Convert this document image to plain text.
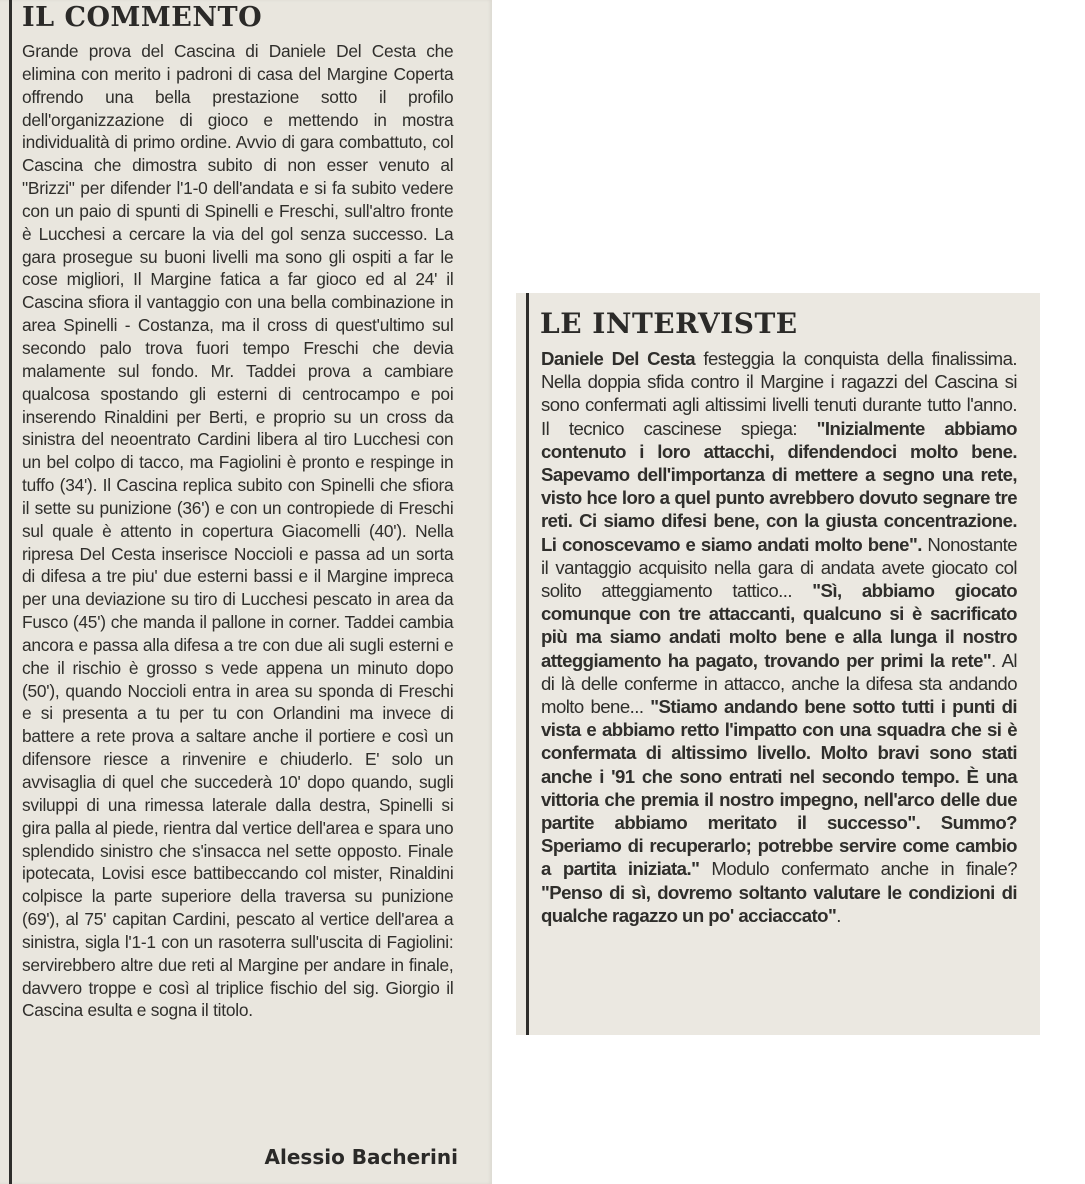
IL COMMENTO

Grande prova del Cascina di Daniele Del Cesta che elimina con merito i padroni di casa del Margine Coperta offrendo una bella prestazione sotto il profilo dell'organizzazione di gioco e mettendo in mostra individualità di primo ordine. Avvio di gara combattuto, col Cascina che dimostra subito di non esser venuto al "Brizzi" per difender l'1-0 dell'andata e si fa subito vedere con un paio di spunti di Spinelli e Freschi, sull'altro fronte è Lucchesi a cercare la via del gol senza successo. La gara prosegue su buoni livelli ma sono gli ospiti a far le cose migliori, Il Margine fatica a far gioco ed al 24' il Cascina sfiora il vantaggio con una bella combinazione in area Spinelli - Costanza, ma il cross di quest'ultimo sul secondo palo trova fuori tempo Freschi che devia malamente sul fondo. Mr. Taddei prova a cambiare qualcosa spostando gli esterni di centrocampo e poi inserendo Rinaldini per Berti, e proprio su un cross da sinistra del neoentrato Cardini libera al tiro Lucchesi con un bel colpo di tacco, ma Fagiolini è pronto e respinge in tuffo (34'). Il Cascina replica subito con Spinelli che sfiora il sette su punizione (36') e con un contropiede di Freschi sul quale è attento in copertura Giacomelli (40'). Nella ripresa Del Cesta inserisce Noccioli e passa ad un sorta di difesa a tre piu' due esterni bassi e il Margine impreca per una deviazione su tiro di Lucchesi pescato in area da Fusco (45') che manda il pallone in corner. Taddei cambia ancora e passa alla difesa a tre con due ali sugli esterni e che il rischio è grosso s vede appena un minuto dopo (50'), quando Noccioli entra in area su sponda di Freschi e si presenta a tu per tu con Orlandini ma invece di battere a rete prova a saltare anche il portiere e così un difensore riesce a rinvenire e chiuderlo. E' solo un avvisaglia di quel che succederà 10' dopo quando, sugli sviluppi di una rimessa laterale dalla destra, Spinelli si gira palla al piede, rientra dal vertice dell'area e spara uno splendido sinistro che s'insacca nel sette opposto. Finale ipotecata, Lovisi esce battibeccando col mister, Rinaldini colpisce la parte superiore della traversa su punizione (69'), al 75' capitan Cardini, pescato al vertice dell'area a sinistra, sigla l'1-1 con un rasoterra sull'uscita di Fagiolini: servirebbero altre due reti al Margine per andare in finale, davvero troppe e così al triplice fischio del sig. Giorgio il Cascina esulta e sogna il titolo.

Alessio Bacherini

LE INTERVISTE

Daniele Del Cesta festeggia la conquista della finalissima. Nella doppia sfida contro il Margine i ragazzi del Cascina si sono confermati agli altissimi livelli tenuti durante tutto l'anno. Il tecnico cascinese spiega: "Inizialmente abbiamo contenuto i loro attacchi, difendendoci molto bene. Sapevamo dell'importanza di mettere a segno una rete, visto hce loro a quel punto avrebbero dovuto segnare tre reti. Ci siamo difesi bene, con la giusta concentrazione. Li conoscevamo e siamo andati molto bene". Nonostante il vantaggio acquisito nella gara di andata avete giocato col solito atteggiamento tattico... "Sì, abbiamo giocato comunque con tre attaccanti, qualcuno si è sacrificato più ma siamo andati molto bene e alla lunga il nostro atteggiamento ha pagato, trovando per primi la rete". Al di là delle conferme in attacco, anche la difesa sta andando molto bene... "Stiamo andando bene sotto tutti i punti di vista e abbiamo retto l'impatto con una squadra che si è confermata di altissimo livello. Molto bravi sono stati anche i '91 che sono entrati nel secondo tempo. È una vittoria che premia il nostro impegno, nell'arco delle due partite abbiamo meritato il successo". Summo? Speriamo di recuperarlo; potrebbe servire come cambio a partita iniziata." Modulo confermato anche in finale? "Penso di sì, dovremo soltanto valutare le condizioni di qualche ragazzo un po' acciaccato".
